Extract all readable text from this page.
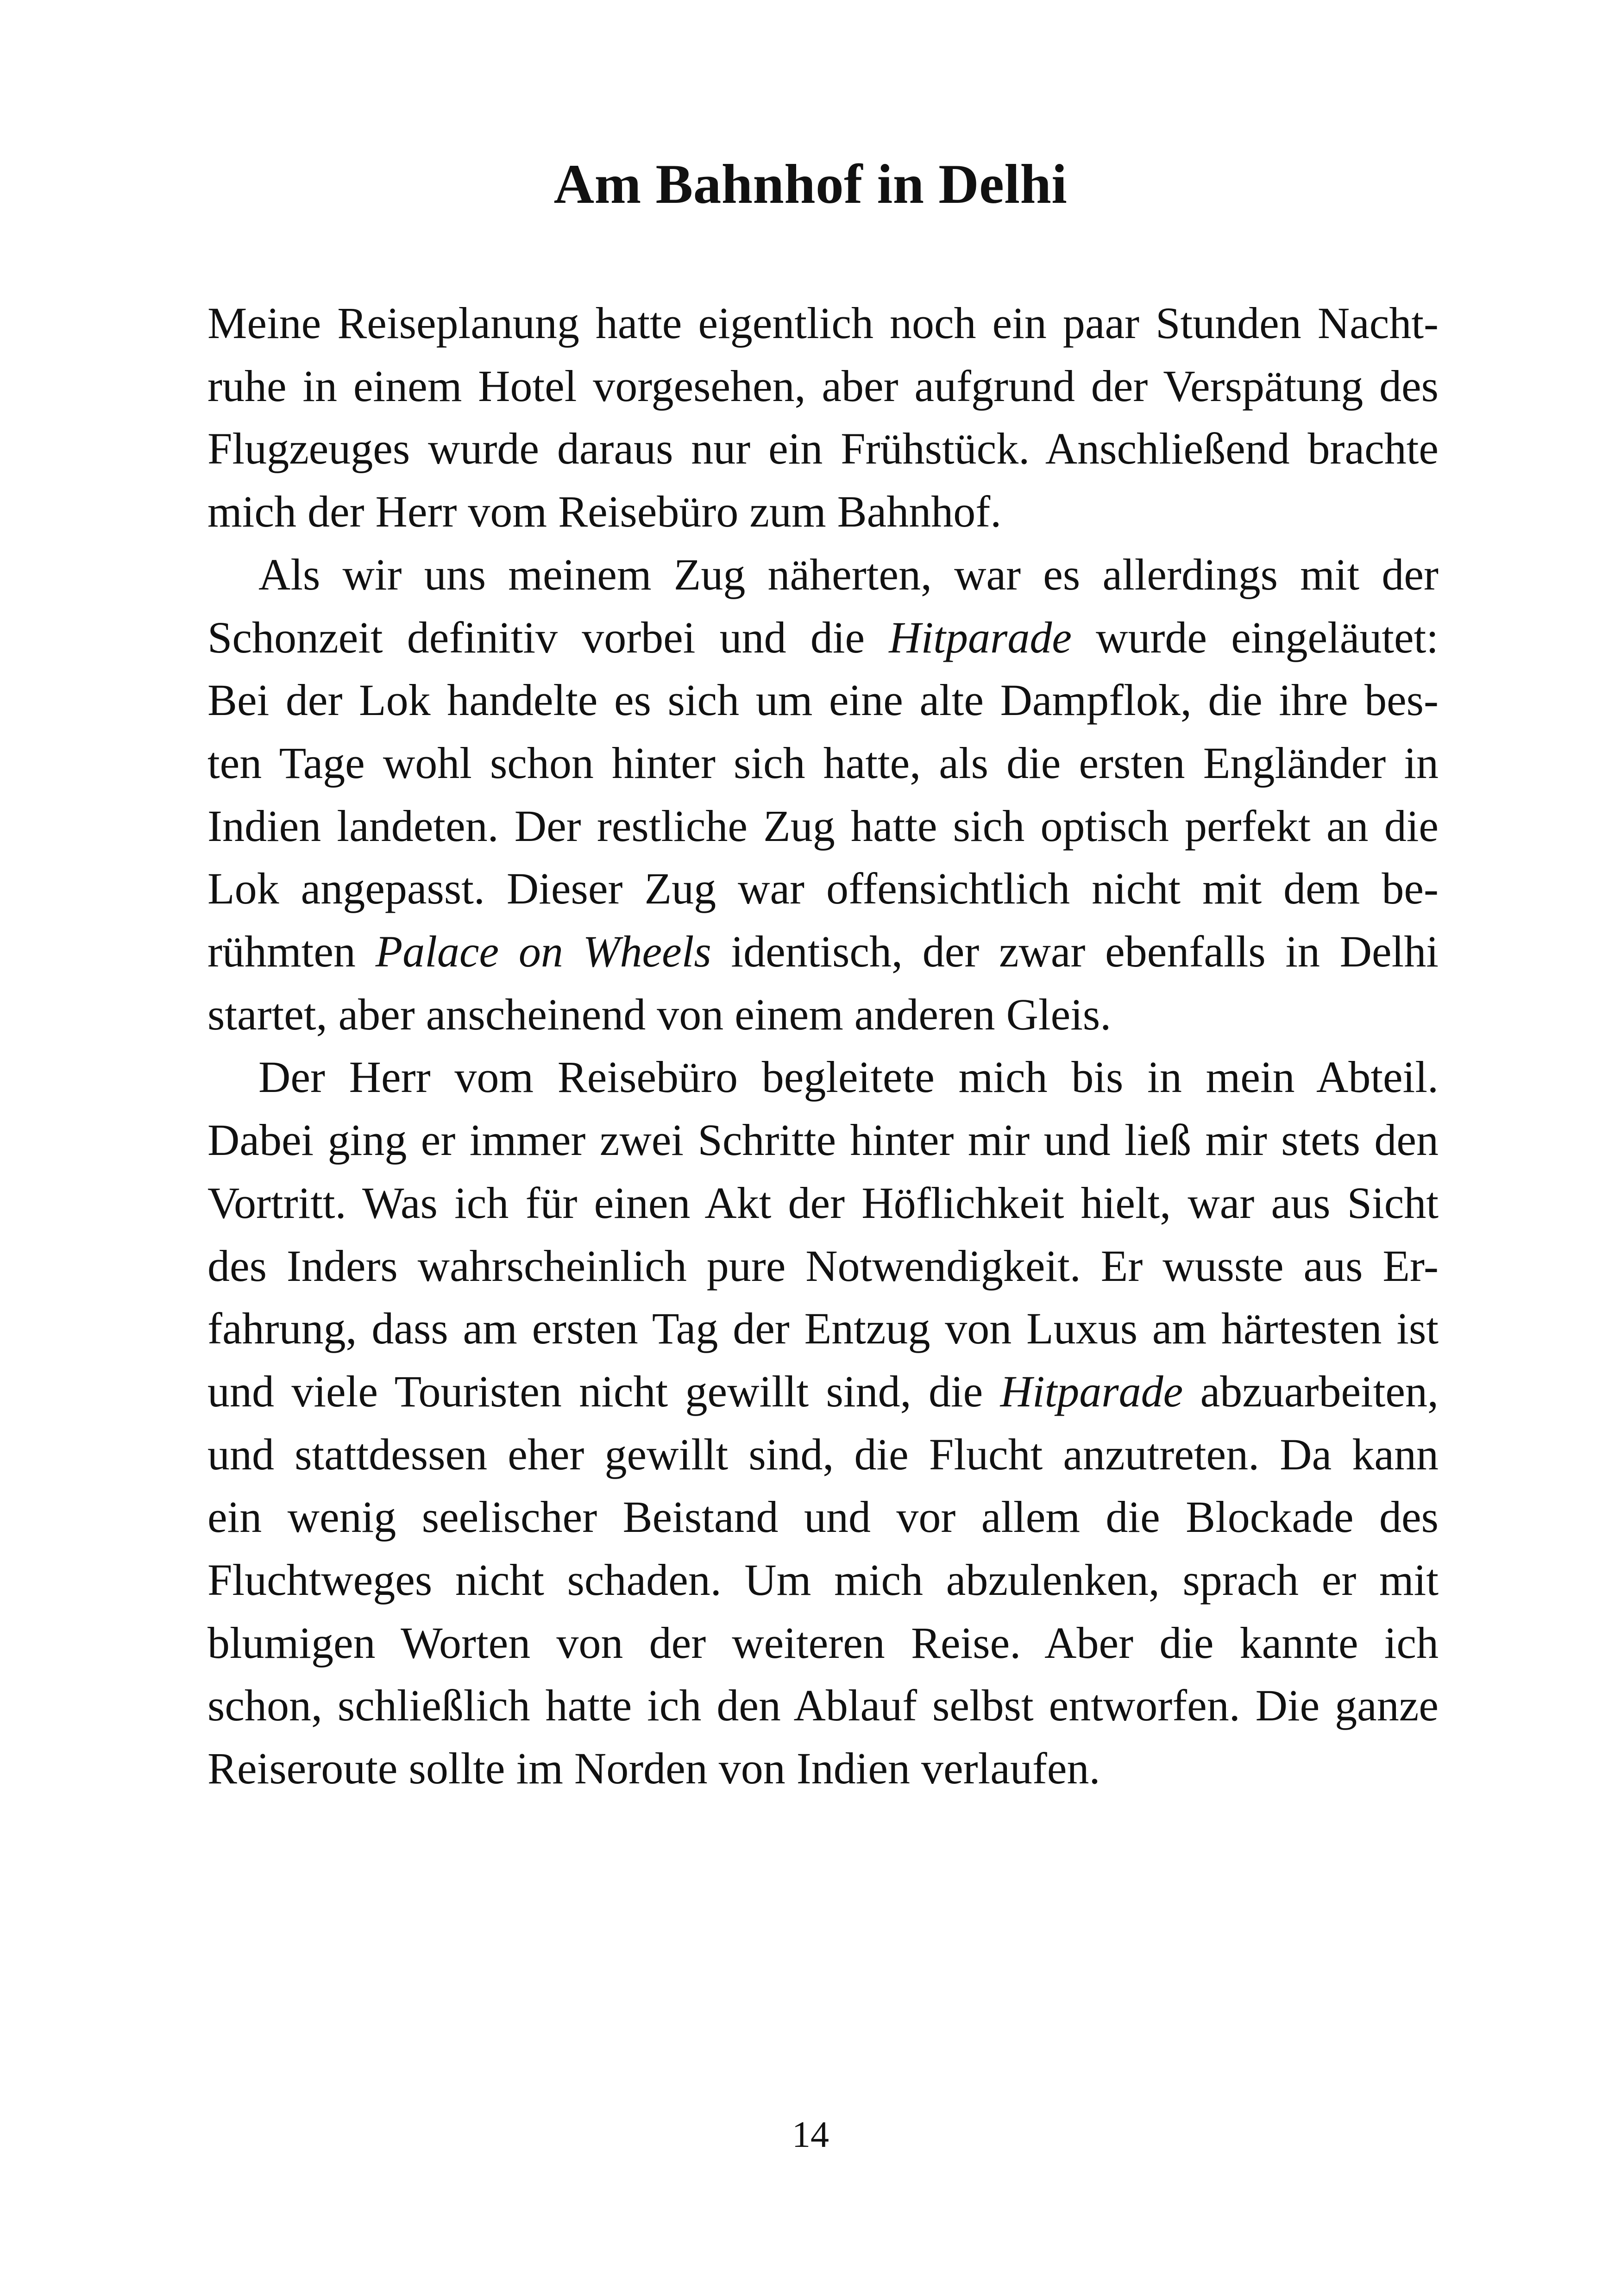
Am Bahnhof in Delhi

Meine Reiseplanung hatte eigentlich noch ein paar Stunden Nacht-
ruhe in einem Hotel vorgesehen, aber aufgrund der Verspätung des
Flugzeuges wurde daraus nur ein Frühstück. Anschließend brachte
mich der Herr vom Reisebüro zum Bahnhof.

Als wir uns meinem Zug näherten, war es allerdings mit der
Schonzeit definitiv vorbei und die Hitparade wurde eingeläutet:
Bei der Lok handelte es sich um eine alte Dampflok, die ihre bes-
ten Tage wohl schon hinter sich hatte, als die ersten Engländer in
Indien landeten. Der restliche Zug hatte sich optisch perfekt an die
Lok angepasst. Dieser Zug war offensichtlich nicht mit dem be-
rühmten Palace on Wheels identisch, der zwar ebenfalls in Delhi
startet, aber anscheinend von einem anderen Gleis.

Der Herr vom Reisebüro begleitete mich bis in mein Abteil.
Dabei ging er immer zwei Schritte hinter mir und ließ mir stets den
Vortritt. Was ich für einen Akt der Höflichkeit hielt, war aus Sicht
des Inders wahrscheinlich pure Notwendigkeit. Er wusste aus Er-
fahrung, dass am ersten Tag der Entzug von Luxus am härtesten ist
und viele Touristen nicht gewillt sind, die Hitparade abzuarbeiten,
und stattdessen eher gewillt sind, die Flucht anzutreten. Da kann
ein wenig seelischer Beistand und vor allem die Blockade des
Fluchtweges nicht schaden. Um mich abzulenken, sprach er mit
blumigen Worten von der weiteren Reise. Aber die kannte ich
schon, schließlich hatte ich den Ablauf selbst entworfen. Die ganze
Reiseroute sollte im Norden von Indien verlaufen.

14
